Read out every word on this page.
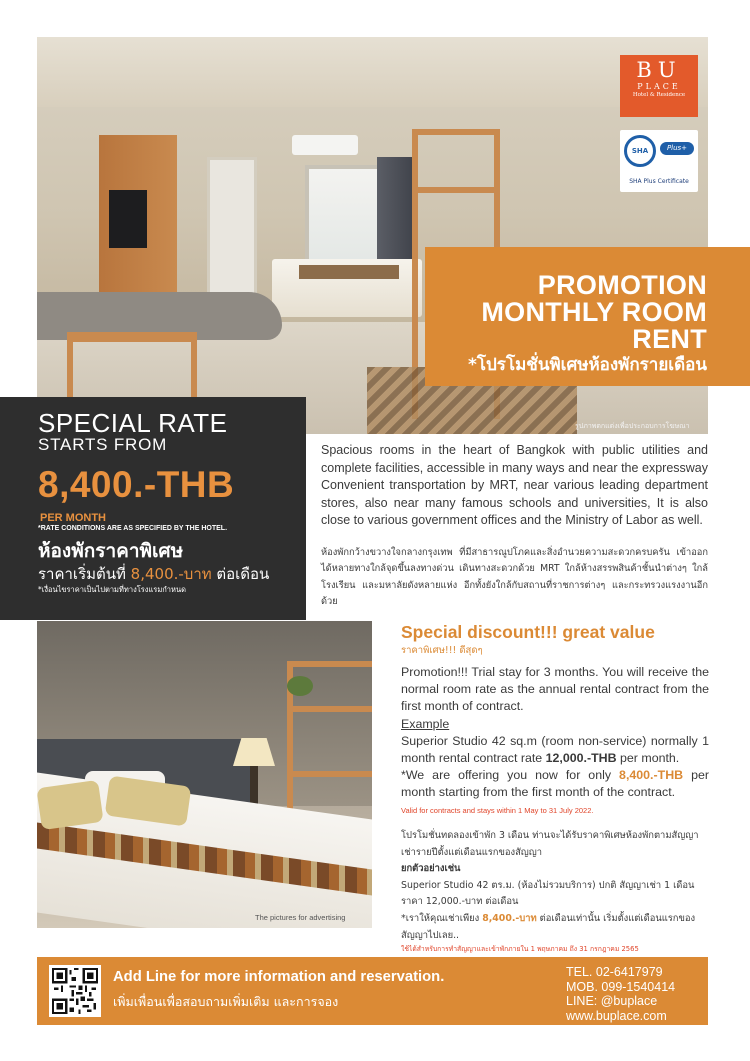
รูปภาพตกแต่งเพื่อประกอบการโฆษณา
BU
PLACE
Hotel & Residence
SHA	Plus+
SHA Plus Certificate
PROMOTION
MONTHLY ROOM
RENT
*โปรโมชั่นพิเศษห้องพักรายเดือน
SPECIAL RATE
STARTS FROM
8,400.-THB
PER MONTH
*RATE CONDITIONS ARE AS SPECIFIED BY THE HOTEL.
ห้องพักราคาพิเศษ
ราคาเริ่มต้นที่ 8,400.-บาท ต่อเดือน
*เงื่อนไขราคาเป็นไปตามที่ทางโรงแรมกำหนด
Spacious rooms in the heart of Bangkok with public utilities and complete facilities, accessible in many ways and near the expressway Convenient transportation by MRT, near various leading department stores, also near many famous schools and universities, It is also close to various government offices and the Ministry of Labor as well.
ห้องพักกว้างขวางใจกลางกรุงเทพ ที่มีสาธารณูปโภคและสิ่งอำนวยความสะดวกครบครัน เข้าออกได้หลายทางใกล้จุดขึ้นลงทางด่วน เดินทางสะดวกด้วย MRT ใกล้ห้างสรรพสินค้าชั้นนำต่างๆ ใกล้โรงเรียน และมหาลัยดังหลายแห่ง อีกทั้งยังใกล้กับสถานที่ราชการต่างๆ และกระทรวงแรงงานอีกด้วย
The pictures for advertising
Special discount!!! great value
ราคาพิเศษ!!! ดีสุดๆ
Promotion!!! Trial stay for 3 months. You will receive the normal room rate as the annual rental contract from the first month of contract.
Example
Superior Studio 42 sq.m (room non-service) normally 1 month rental contract rate 12,000.-THB per month.
*We are offering you now for only 8,400.-THB per month starting from the first month of the contract.
Valid for contracts and stays within 1 May to 31 July 2022.
โปรโมชั่นทดลองเข้าพัก 3 เดือน ท่านจะได้รับราคาพิเศษห้องพักตามสัญญาเช่ารายปีตั้งแต่เดือนแรกของสัญญา
ยกตัวอย่างเช่น
Superior Studio 42 ตร.ม. (ห้องไม่รวมบริการ) ปกติ สัญญาเช่า 1 เดือน ราคา 12,000.-บาท ต่อเดือน
*เราให้คุณเช่าเพียง 8,400.-บาท ต่อเดือนเท่านั้น เริ่มตั้งแต่เดือนแรกของสัญญาไปเลย..
ใช้ได้สำหรับการทำสัญญาและเข้าพักภายใน 1 พฤษภาคม ถึง 31 กรกฎาคม 2565
Add Line for more information and reservation.
เพิ่มเพื่อนเพื่อสอบถามเพิ่มเติม และการจอง
TEL. 02-6417979
MOB. 099-1540414
LINE: @buplace
www.buplace.com
